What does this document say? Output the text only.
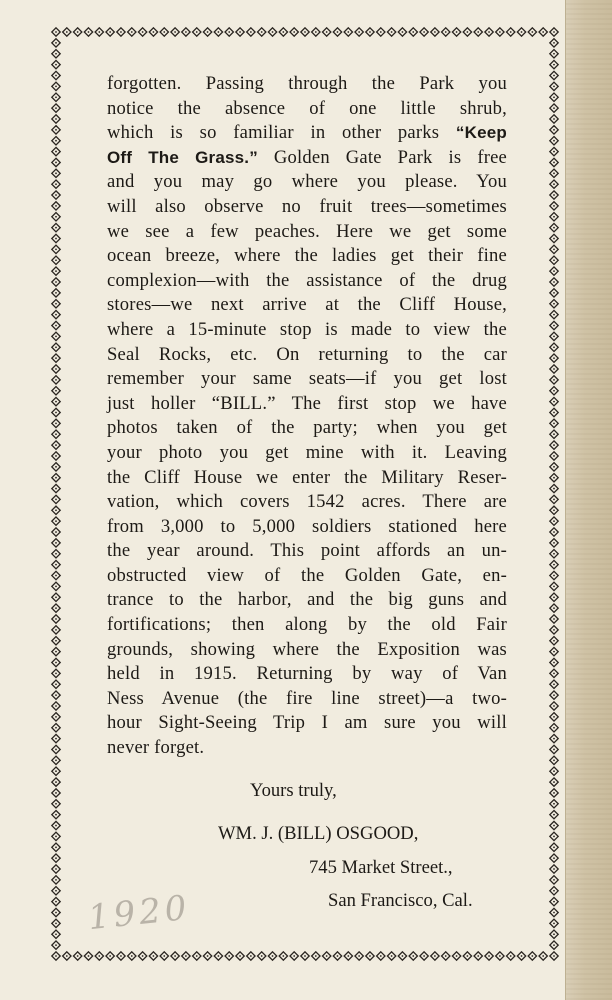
forgotten. Passing through the Park you
notice the absence of one little shrub,
which is so familiar in other parks “Keep
Off The Grass.” Golden Gate Park is free
and you may go where you please. You
will also observe no fruit trees—sometimes
we see a few peaches. Here we get some
ocean breeze, where the ladies get their fine
complexion—with the assistance of the drug
stores—we next arrive at the Cliff House,
where a 15-minute stop is made to view the
Seal Rocks, etc. On returning to the car
remember your same seats—if you get lost
just holler “BILL.” The first stop we have
photos taken of the party; when you get
your photo you get mine with it. Leaving
the Cliff House we enter the Military Reser-
vation, which covers 1542 acres. There are
from 3,000 to 5,000 soldiers stationed here
the year around. This point affords an un-
obstructed view of the Golden Gate, en-
trance to the harbor, and the big guns and
fortifications; then along by the old Fair
grounds, showing where the Exposition was
held in 1915. Returning by way of Van
Ness Avenue (the fire line street)—a two-
hour Sight-Seeing Trip I am sure you will
never forget.
Yours truly,
WM. J. (BILL) OSGOOD,
745 Market Street.,
San Francisco, Cal.
1920
